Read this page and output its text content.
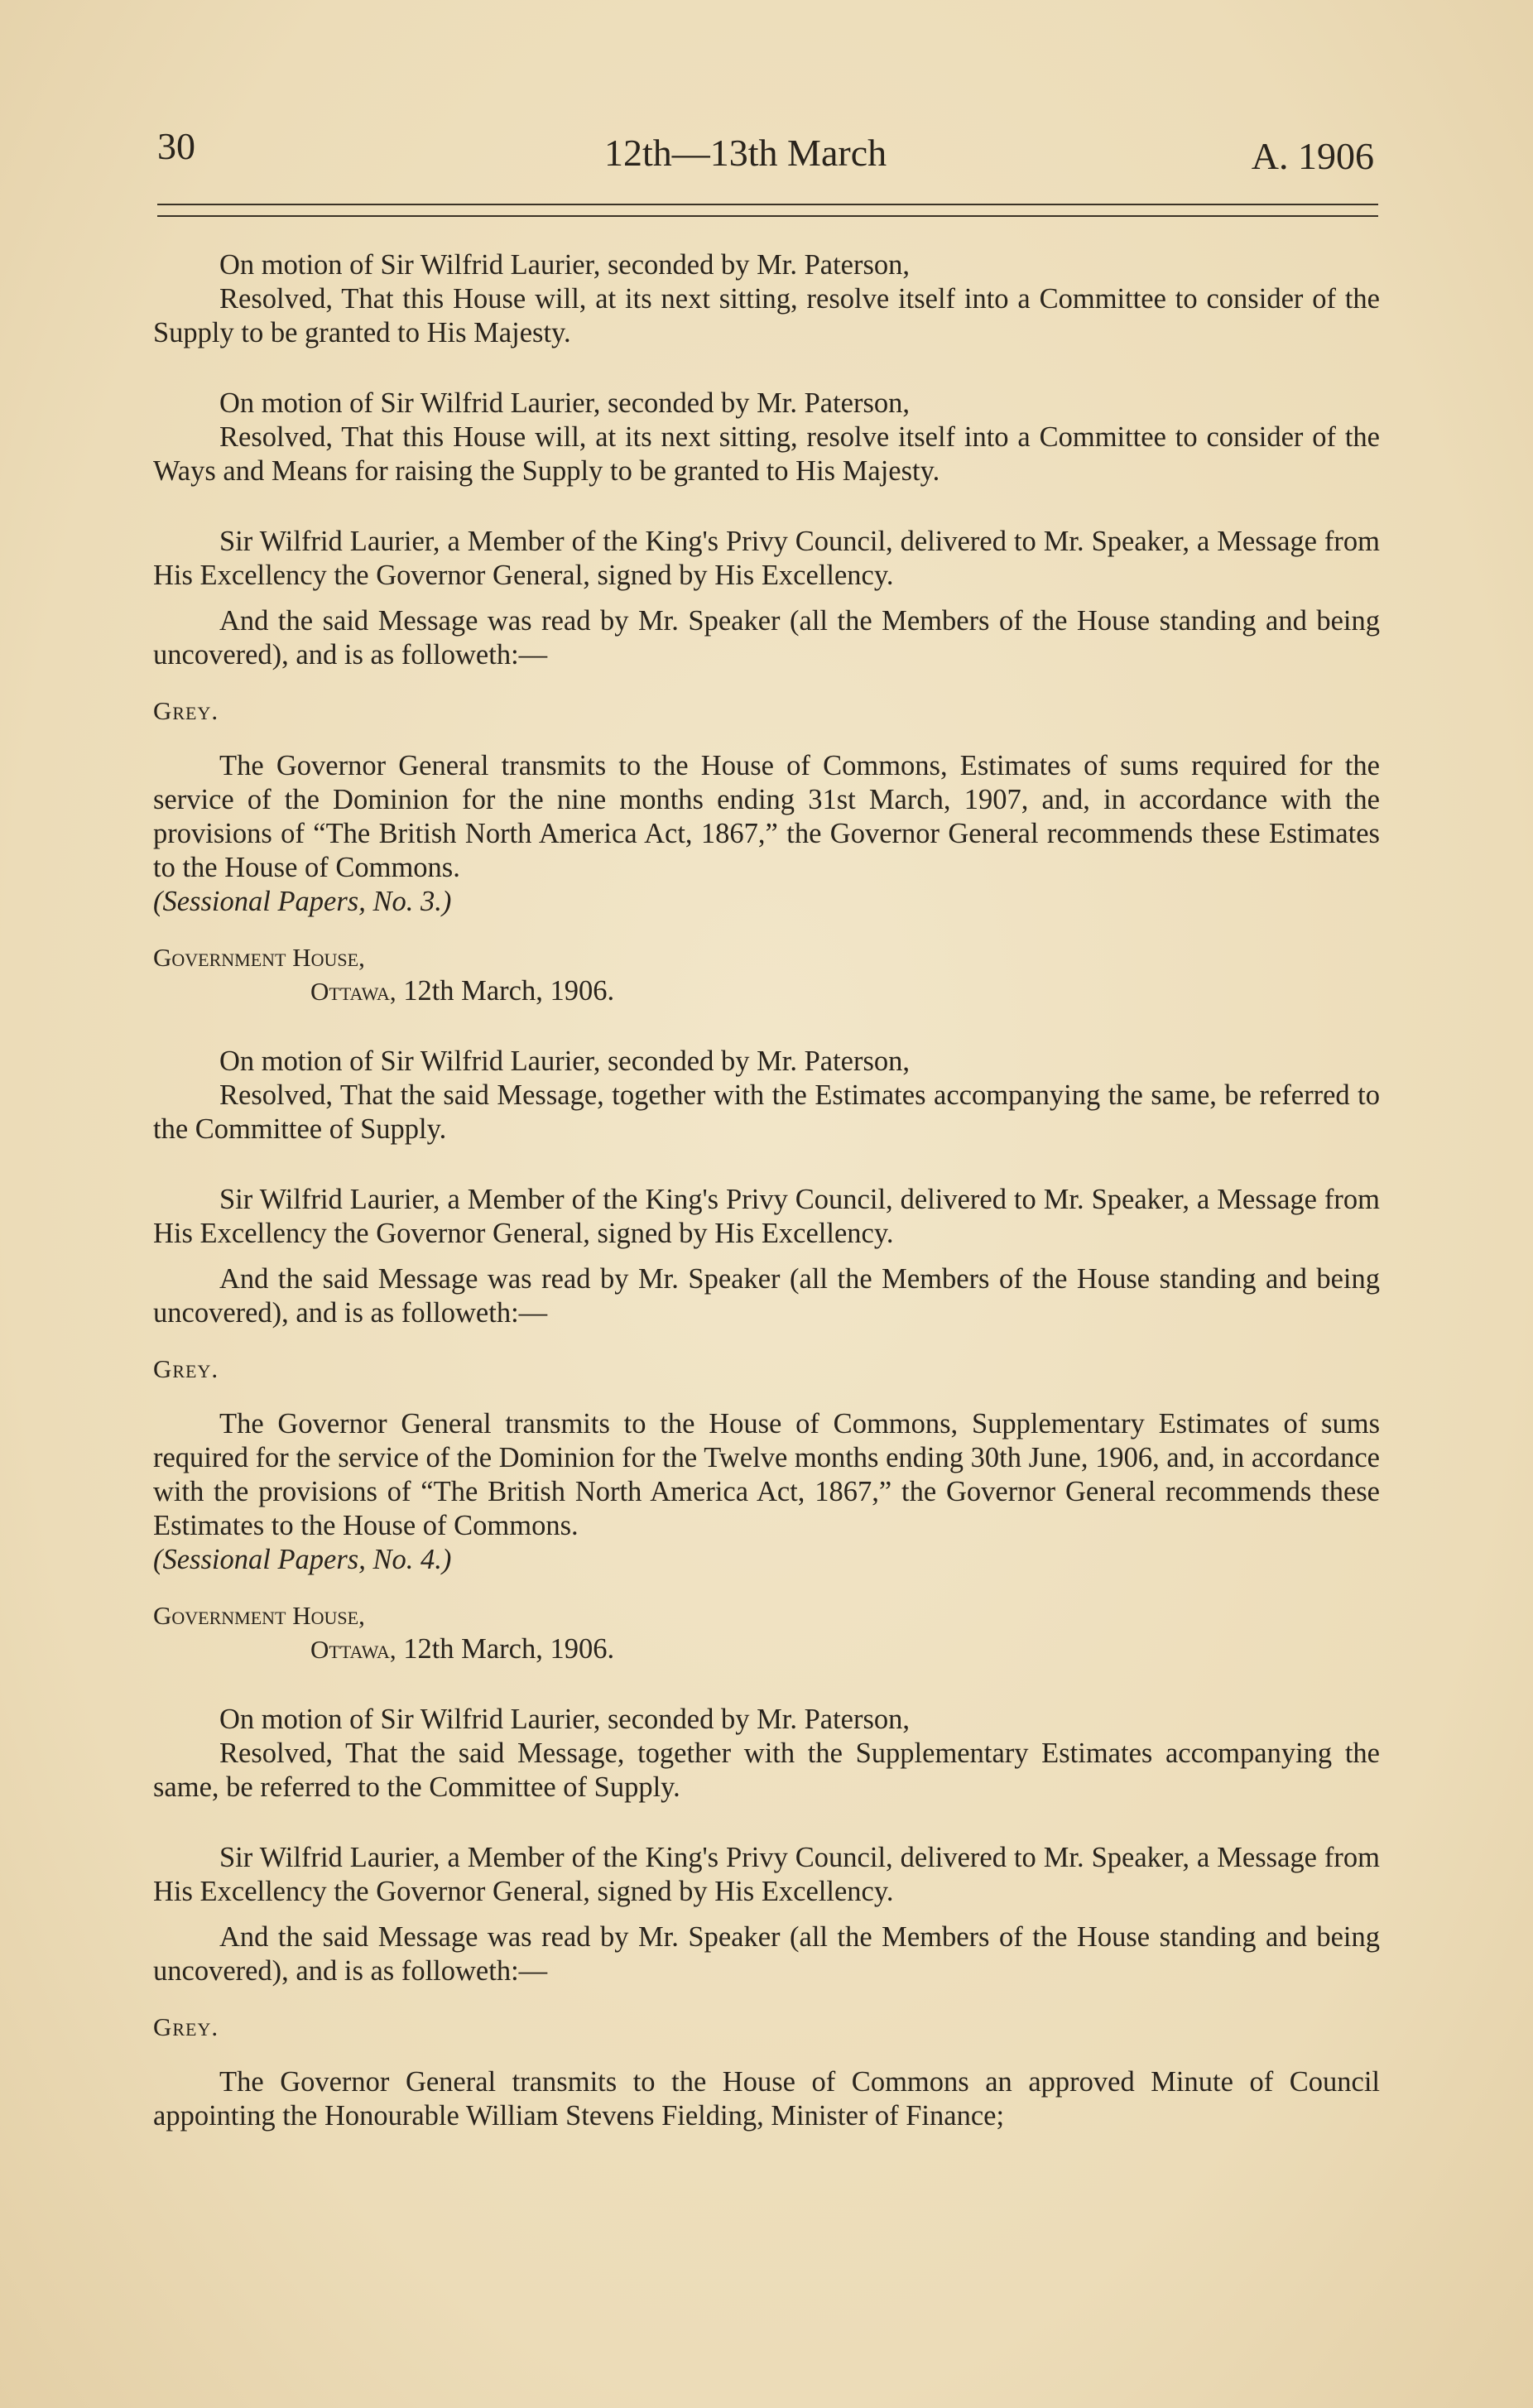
30	12th—13th March	A. 1906

On motion of Sir Wilfrid Laurier, seconded by Mr. Paterson,

Resolved, That this House will, at its next sitting, resolve itself into a Committee to consider of the Supply to be granted to His Majesty.

On motion of Sir Wilfrid Laurier, seconded by Mr. Paterson,

Resolved, That this House will, at its next sitting, resolve itself into a Committee to consider of the Ways and Means for raising the Supply to be granted to His Majesty.

Sir Wilfrid Laurier, a Member of the King's Privy Council, delivered to Mr. Speaker, a Message from His Excellency the Governor General, signed by His Excellency.

And the said Message was read by Mr. Speaker (all the Members of the House standing and being uncovered), and is as followeth:—

Grey.

The Governor General transmits to the House of Commons, Estimates of sums required for the service of the Dominion for the nine months ending 31st March, 1907, and, in accordance with the provisions of “The British North America Act, 1867,” the Governor General recommends these Estimates to the House of Commons.

(Sessional Papers, No. 3.)

Government House,

Ottawa, 12th March, 1906.

On motion of Sir Wilfrid Laurier, seconded by Mr. Paterson,

Resolved, That the said Message, together with the Estimates accompanying the same, be referred to the Committee of Supply.

Sir Wilfrid Laurier, a Member of the King's Privy Council, delivered to Mr. Speaker, a Message from His Excellency the Governor General, signed by His Excellency.

And the said Message was read by Mr. Speaker (all the Members of the House standing and being uncovered), and is as followeth:—

Grey.

The Governor General transmits to the House of Commons, Supplementary Estimates of sums required for the service of the Dominion for the Twelve months ending 30th June, 1906, and, in accordance with the provisions of “The British North America Act, 1867,” the Governor General recommends these Estimates to the House of Commons.

(Sessional Papers, No. 4.)

Government House,

Ottawa, 12th March, 1906.

On motion of Sir Wilfrid Laurier, seconded by Mr. Paterson,

Resolved, That the said Message, together with the Supplementary Estimates accompanying the same, be referred to the Committee of Supply.

Sir Wilfrid Laurier, a Member of the King's Privy Council, delivered to Mr. Speaker, a Message from His Excellency the Governor General, signed by His Excellency.

And the said Message was read by Mr. Speaker (all the Members of the House standing and being uncovered), and is as followeth:—

Grey.

The Governor General transmits to the House of Commons an approved Minute of Council appointing the Honourable William Stevens Fielding, Minister of Finance;
